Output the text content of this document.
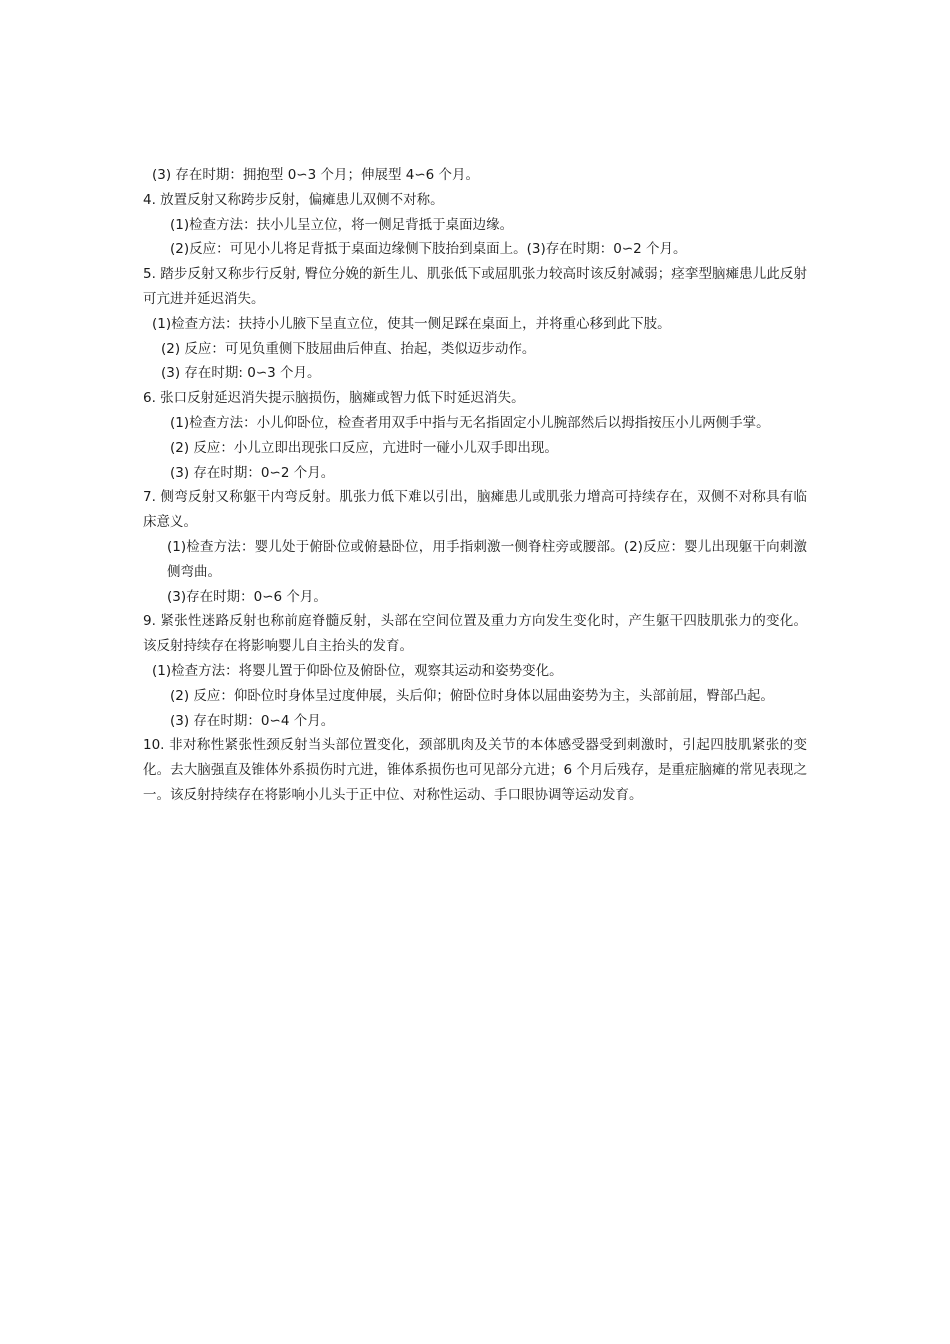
(3) 存在时期：拥抱型 0∽3 个月；伸展型 4∽6 个月。
4. 放置反射又称跨步反射，偏瘫患儿双侧不对称。
(1)检查方法：扶小儿呈立位，将一侧足背抵于桌面边缘。
(2)反应：可见小儿将足背抵于桌面边缘侧下肢抬到桌面上。(3)存在时期：0∽2 个月。
5. 踏步反射又称步行反射, 臀位分娩的新生儿、肌张低下或屈肌张力较高时该反射减弱；痉挛型脑瘫患儿此反射可亢进并延迟消失。
(1)检查方法：扶持小儿腋下呈直立位，使其一侧足踩在桌面上，并将重心移到此下肢。
(2) 反应：可见负重侧下肢屈曲后伸直、抬起，类似迈步动作。
(3) 存在时期: 0∽3 个月。
6. 张口反射延迟消失提示脑损伤，脑瘫或智力低下时延迟消失。
(1)检查方法：小儿仰卧位，检查者用双手中指与无名指固定小儿腕部然后以拇指按压小儿两侧手掌。
(2) 反应：小儿立即出现张口反应，亢进时一碰小儿双手即出现。
(3) 存在时期：0∽2 个月。
7. 侧弯反射又称躯干内弯反射。肌张力低下难以引出，脑瘫患儿或肌张力增高可持续存在，双侧不对称具有临床意义。
(1)检查方法：婴儿处于俯卧位或俯悬卧位，用手指刺激一侧脊柱旁或腰部。(2)反应：婴儿出现躯干向刺激侧弯曲。
(3)存在时期：0∽6 个月。
9. 紧张性迷路反射也称前庭脊髓反射，头部在空间位置及重力方向发生变化时，产生躯干四肢肌张力的变化。该反射持续存在将影响婴儿自主抬头的发育。
(1)检查方法：将婴儿置于仰卧位及俯卧位，观察其运动和姿势变化。
(2) 反应：仰卧位时身体呈过度伸展，头后仰；俯卧位时身体以屈曲姿势为主，头部前屈，臀部凸起。
(3) 存在时期：0∽4 个月。
10. 非对称性紧张性颈反射当头部位置变化，颈部肌肉及关节的本体感受器受到刺激时，引起四肢肌紧张的变化。去大脑强直及锥体外系损伤时亢进，锥体系损伤也可见部分亢进；6 个月后残存，是重症脑瘫的常见表现之一。该反射持续存在将影响小儿头于正中位、对称性运动、手口眼协调等运动发育。
